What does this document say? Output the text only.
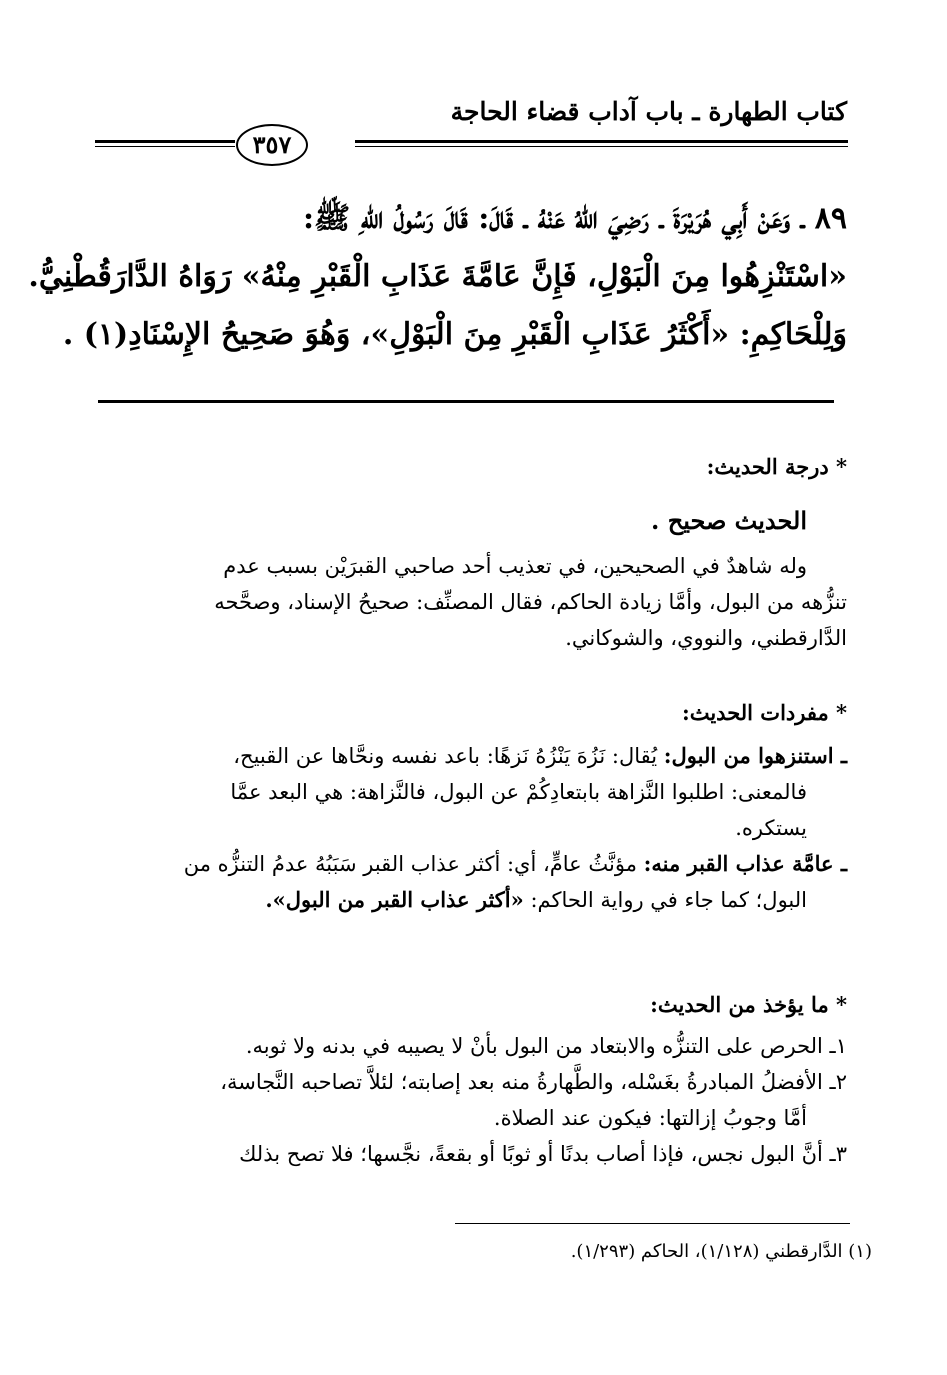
كتاب الطهارة ـ باب آداب قضاء الحاجة
٣٥٧
٨٩ ـ وَعَنْ أَبِي هُرَيْرَةَ ـ رَضِيَ اللهُ عَنْهُ ـ قَالَ: قَالَ رَسُولُ اللهِ ﷺ:
«اسْتَنْزِهُوا مِنَ الْبَوْلِ، فَإِنَّ عَامَّةَ عَذَابِ الْقَبْرِ مِنْهُ» رَوَاهُ الدَّارَقُطْنِيُّ.
وَلِلْحَاكِمِ: «أَكْثَرُ عَذَابِ الْقَبْرِ مِنَ الْبَوْلِ»، وَهُوَ صَحِيحُ الإِسْنَادِ(١) .
* درجة الحديث:
الحديث صحيح .
وله شاهدٌ في الصحيحين، في تعذيب أحد صاحبي القبرَيْن بسبب عدم
تنزُّهه من البول، وأمَّا زيادة الحاكم، فقال المصنِّف: صحيحُ الإسناد، وصحَّحه
الدَّارقطني، والنووي، والشوكاني.
* مفردات الحديث:
ـ استنزهوا من البول: يُقال: نَزُهَ يَنْزُهُ نَزهًا: باعد نفسه ونحَّاها عن القبيح،
فالمعنى: اطلبوا النَّزاهة بابتعادِكُمْ عن البول، فالنَّزاهة: هي البعد عمَّا
يستكره.
ـ عامَّة عذاب القبر منه: مؤنَّثُ عامٍّ، أي: أكثر عذاب القبر سَبَبُهُ عدمُ التنزُّه من
البول؛ كما جاء في رواية الحاكم: «أكثر عذاب القبر من البول».
* ما يؤخذ من الحديث:
١ـ الحرص على التنزُّه والابتعاد من البول بأنْ لا يصيبه في بدنه ولا ثوبه.
٢ـ الأفضلُ المبادرةُ بغَسْله، والطَّهارةُ منه بعد إصابته؛ لئلاَّ تصاحبه النَّجاسة،
أمَّا وجوبُ إزالتها: فيكون عند الصلاة.
٣ـ أنَّ البول نجس، فإذا أصاب بدنًا أو ثوبًا أو بقعةً، نجَّسها؛ فلا تصح بذلك
(١) الدَّارقطني (١/١٢٨)، الحاكم (١/٢٩٣).
